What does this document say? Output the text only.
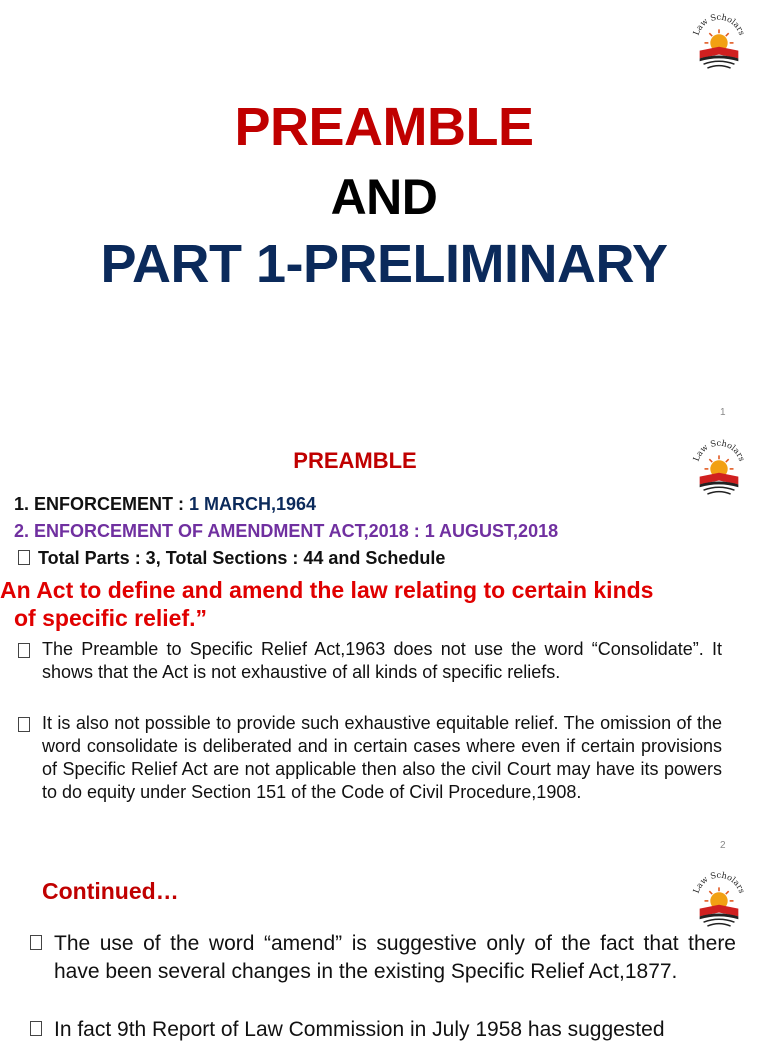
Law Scholars
PREAMBLE
AND
PART 1-PRELIMINARY
1
Law Scholars
PREAMBLE
1. ENFORCEMENT : 1 MARCH,1964
2. ENFORCEMENT OF AMENDMENT ACT,2018 : 1 AUGUST,2018
Total Parts : 3, Total Sections : 44 and Schedule
An Act to define and amend the law relating to certain kinds
of specific relief.”
The Preamble to Specific Relief Act,1963 does not use the word “Consolidate”. It shows that the Act is not exhaustive of all kinds of specific reliefs.
It is also not possible to provide such exhaustive equitable relief. The omission of the word consolidate is deliberated and in certain cases where even if certain provisions of Specific Relief Act are not applicable then also the civil Court may have its powers to do equity under Section 151 of the Code of Civil Procedure,1908.
2
Law Scholars
Continued…
The use of the word “amend” is suggestive only of the fact that there have been several changes in the existing Specific Relief Act,1877.
In fact 9th Report of Law Commission in July 1958 has suggested
